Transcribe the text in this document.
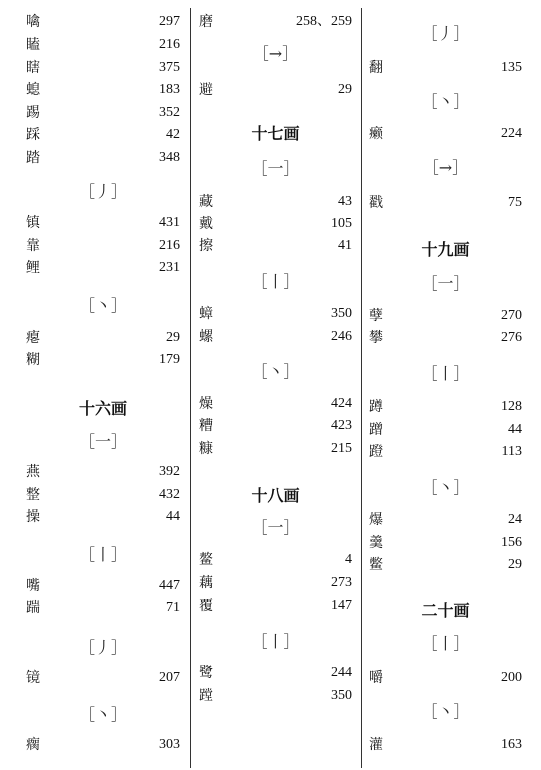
噙	297
瞌	216
瞎	375
螅	183
踢	352
踩	42
踏	348
［丿］
镇	431
靠	216
鲤	231
［丶］
瘪	29
糊	179
十六画
［一］
燕	392
整	432
操	44
［丨］
嘴	447
踹	71
［丿］
镜	207
［丶］
瘸	303
磨	258、259
［→］
避	29
十七画
［一］
藏	43
戴	105
擦	41
［丨］
蟑	350
螺	246
［丶］
燥	424
糟	423
糠	215
十八画
［一］
鳌	4
藕	273
覆	147
［丨］
鹭	244
蹚	350
［丿］
翻	135
［丶］
癞	224
［→］
戳	75
十九画
［一］
孽	270
攀	276
［丨］
蹲	128
蹭	44
蹬	113
［丶］
爆	24
羹	156
鳖	29
二十画
［丨］
嚼	200
［丶］
灌	163
